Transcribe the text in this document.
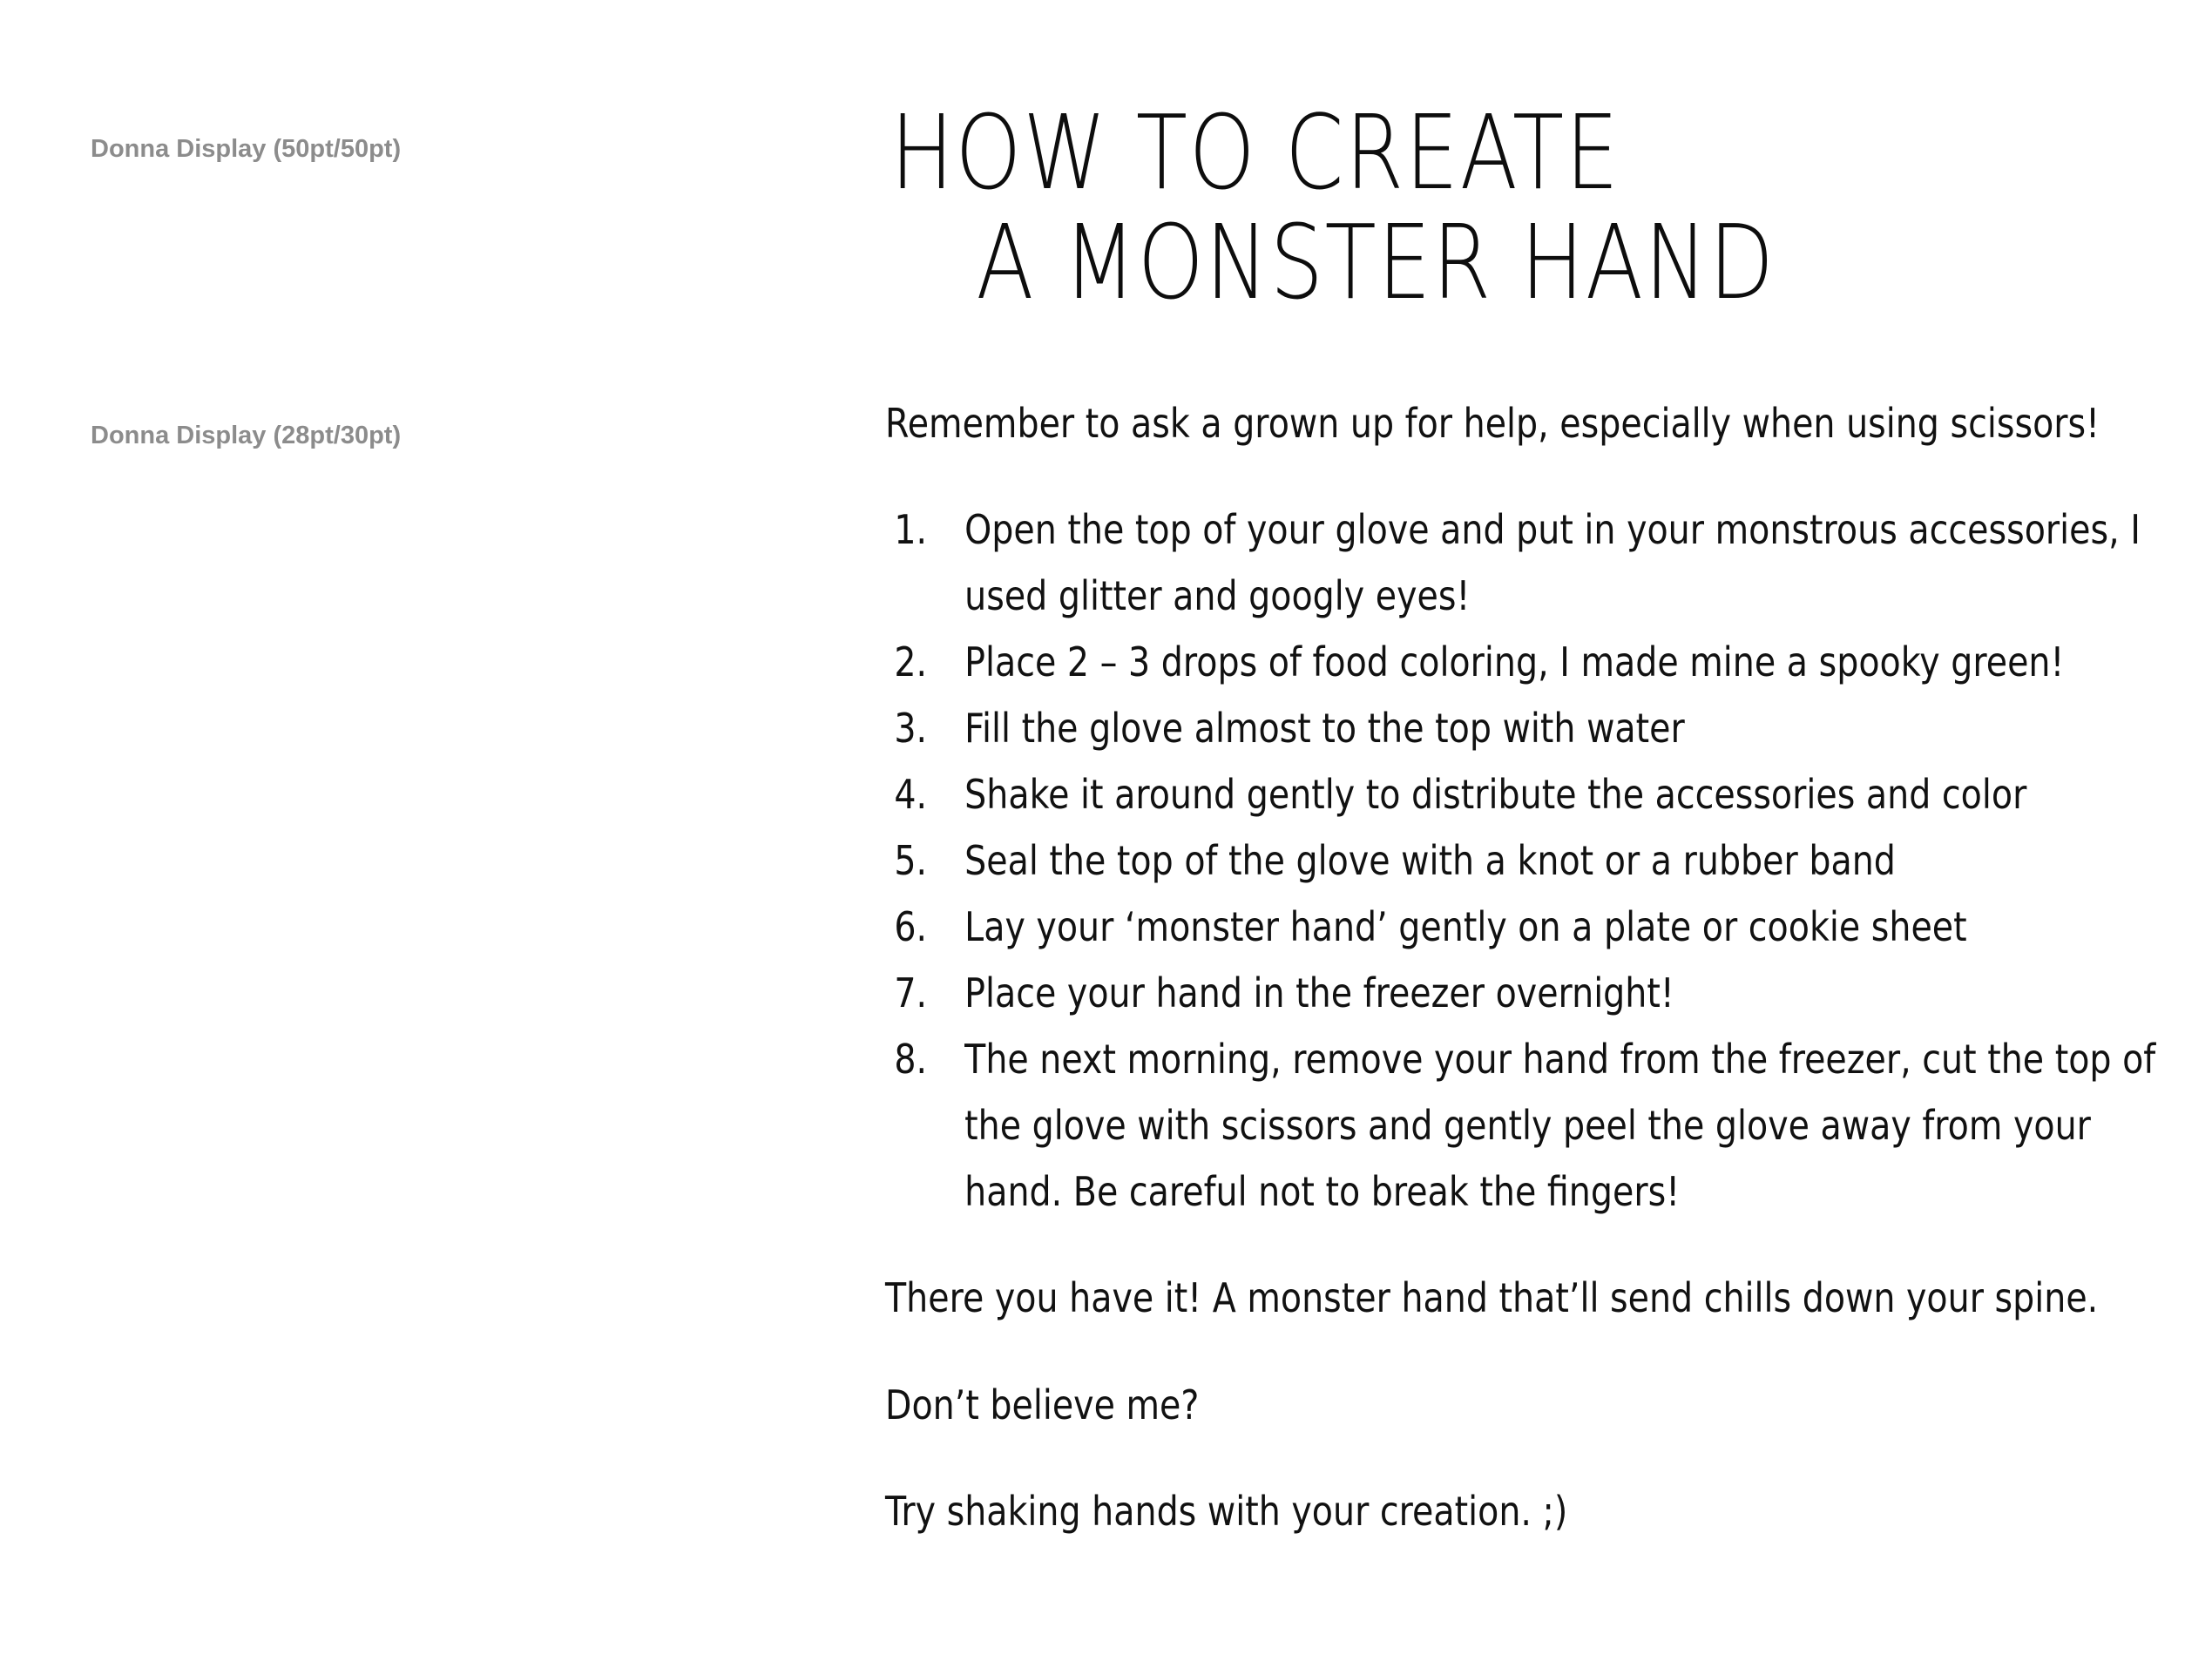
Donna Display (50pt/50pt)
Donna Display (28pt/30pt)
HOW TO CREATE
A MONSTER HAND
Remember to ask a grown up for help, especially when using scissors!
1. Open the top of your glove and put in your monstrous accessories, I used glitter and googly eyes!
2. Place 2 – 3 drops of food coloring, I made mine a spooky green!
3. Fill the glove almost to the top with water
4. Shake it around gently to distribute the accessories and color
5. Seal the top of the glove with a knot or a rubber band
6. Lay your ‘monster hand’ gently on a plate or cookie sheet
7. Place your hand in the freezer overnight!
8. The next morning, remove your hand from the freezer, cut the top of the glove with scissors and gently peel the glove away from your hand. Be careful not to break the fingers!
There you have it! A monster hand that’ll send chills down your spine.
Don’t believe me?
Try shaking hands with your creation. ;)
